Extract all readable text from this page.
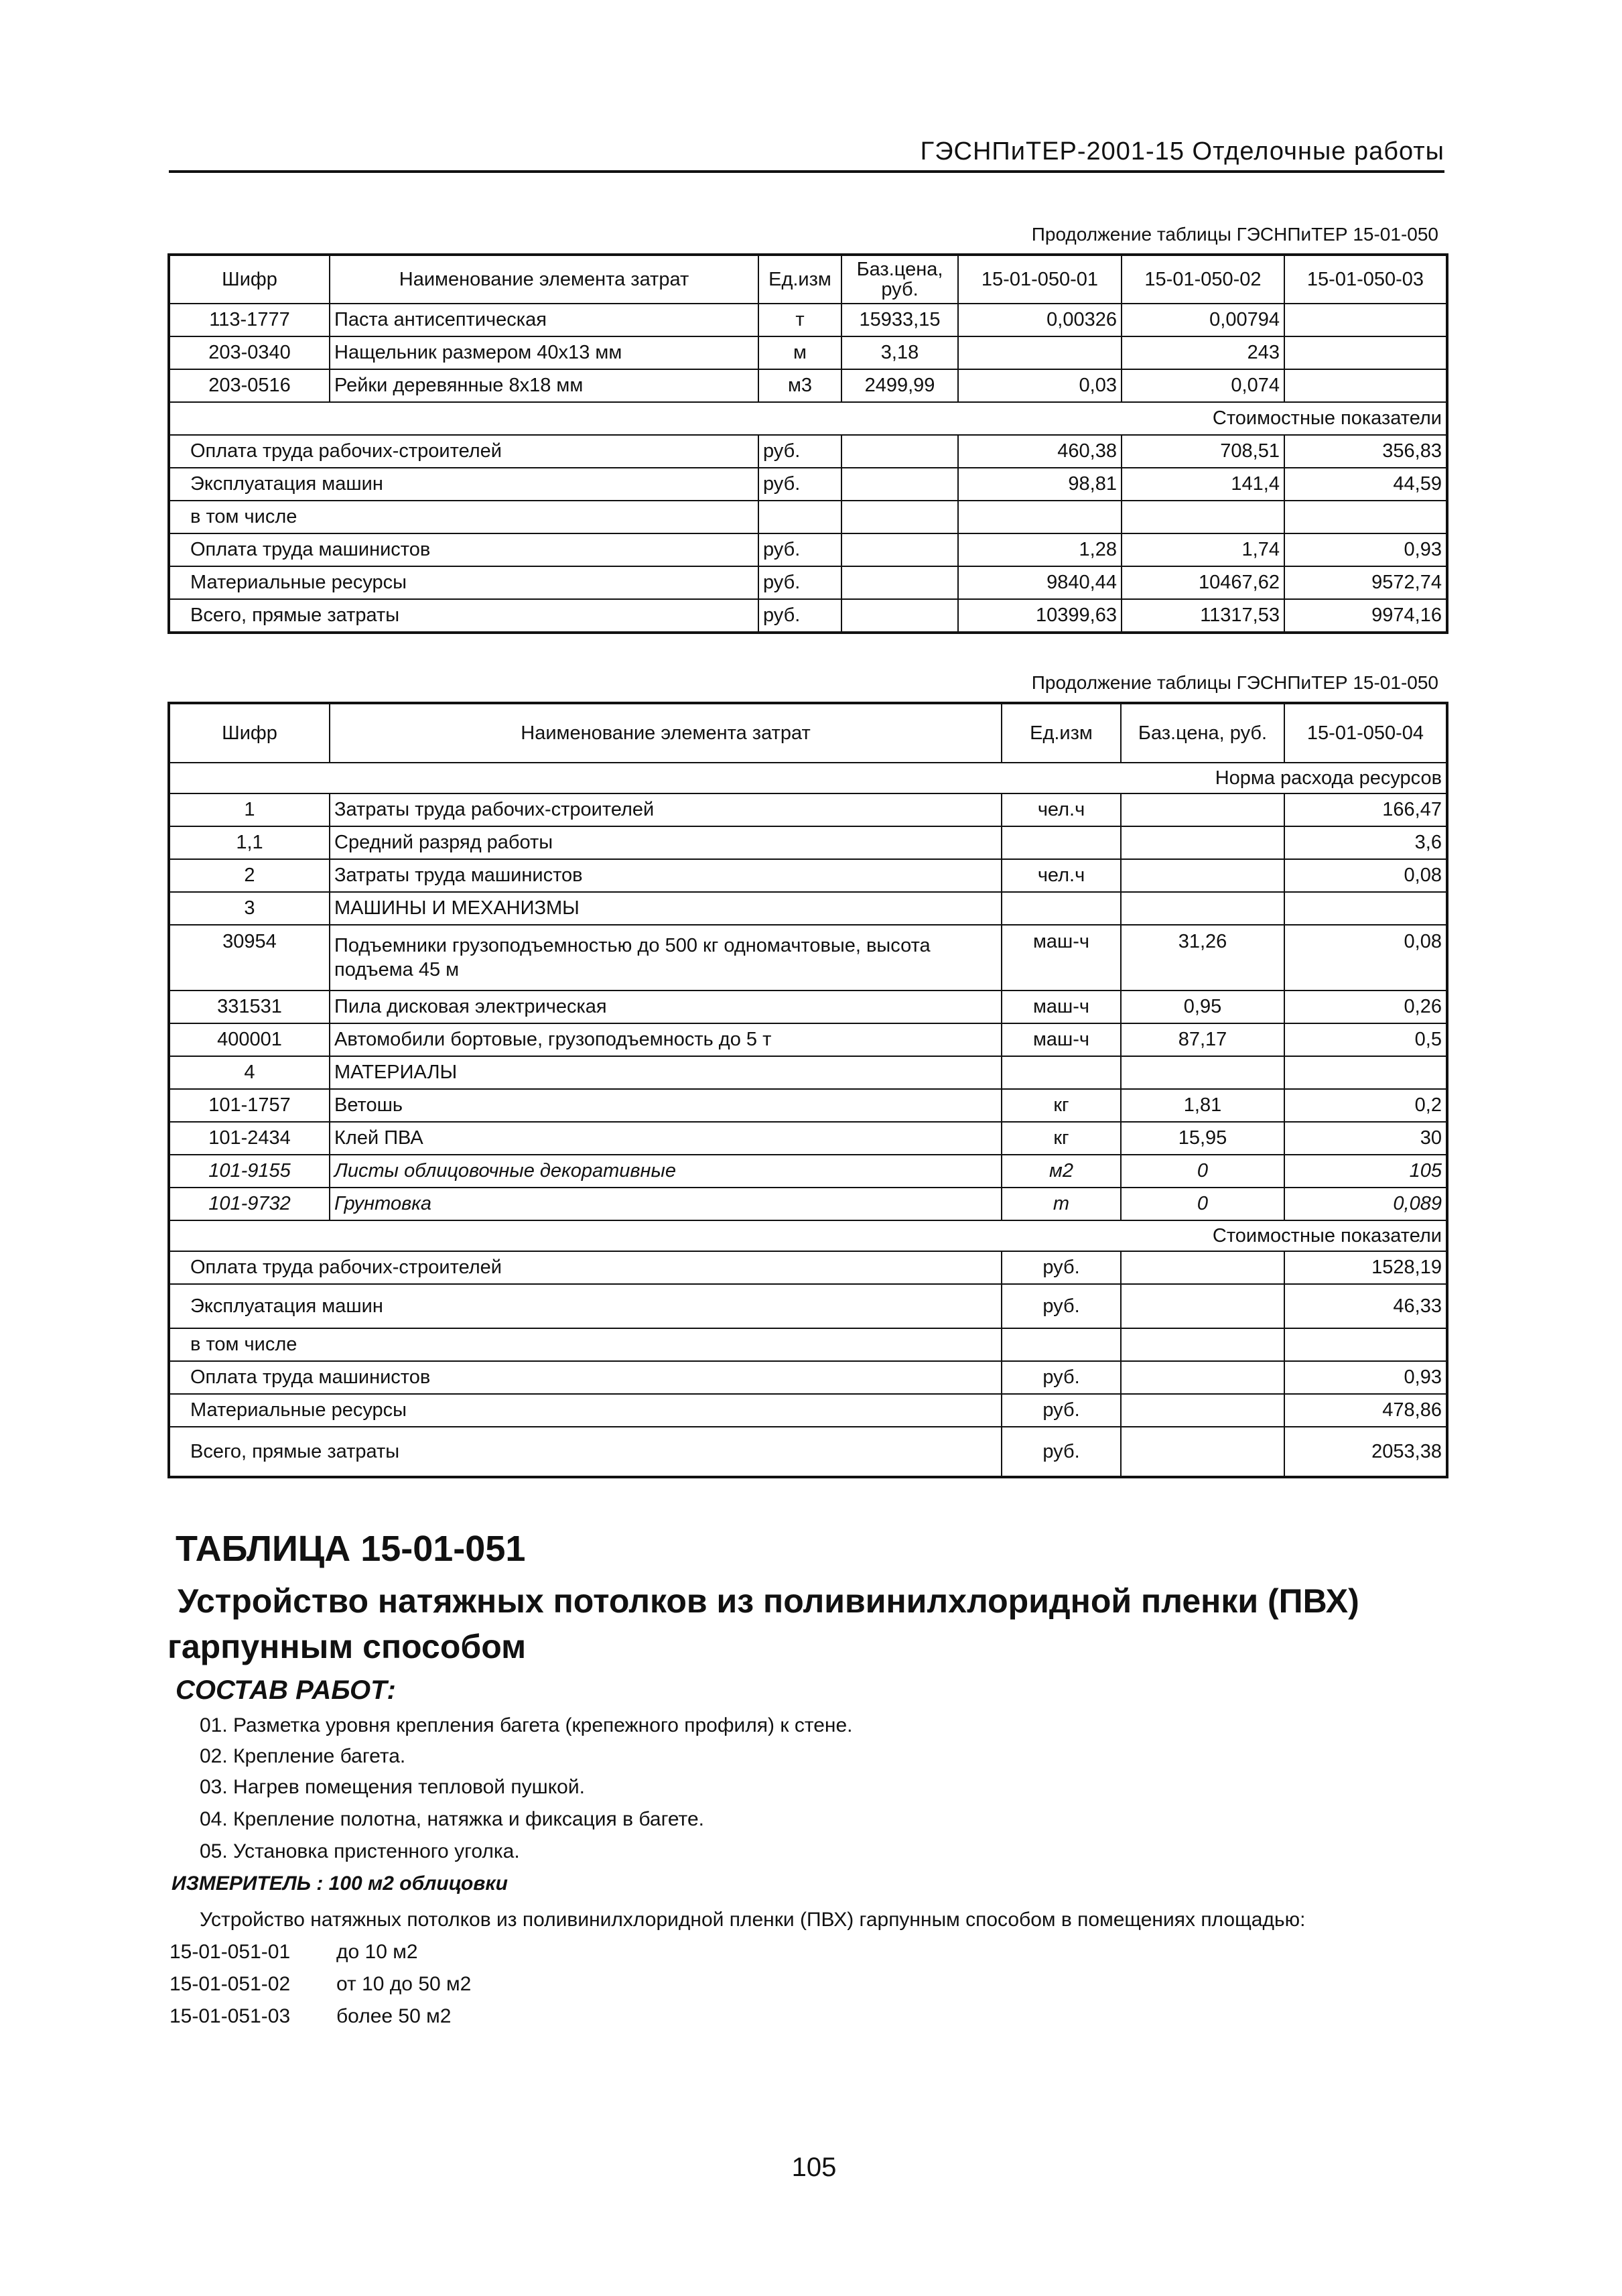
ГЭСНПиТЕР-2001-15 Отделочные работы
Продолжение таблицы ГЭСНПиТЕР 15-01-050
Шифр	Наименование элемента затрат	Ед.изм	Баз.цена, руб.	15-01-050-01	15-01-050-02	15-01-050-03
113-1777	Паста антисептическая	т	15933,15	0,00326	0,00794	
203-0340	Нащельник размером 40х13 мм	м	3,18		243	
203-0516	Рейки деревянные 8х18 мм	м3	2499,99	0,03	0,074	
Стоимостные показатели						
Оплата труда рабочих-строителей		руб.		460,38	708,51	356,83
Эксплуатация машин		руб.		98,81	141,4	44,59
в том числе						
Оплата труда машинистов		руб.		1,28	1,74	0,93
Материальные ресурсы		руб.		9840,44	10467,62	9572,74
Всего, прямые затраты		руб.		10399,63	11317,53	9974,16
Продолжение таблицы ГЭСНПиТЕР 15-01-050
Шифр	Наименование элемента затрат	Ед.изм	Баз.цена, руб.	15-01-050-04
Норма расхода ресурсов				
1	Затраты труда рабочих-строителей	чел.ч		166,47
1,1	Средний разряд работы			3,6
2	Затраты труда машинистов	чел.ч		0,08
3	МАШИНЫ И МЕХАНИЗМЫ			
30954	Подъемники грузоподъемностью до 500 кг одномачтовые, высота подъема 45 м	маш-ч	31,26	0,08
331531	Пила дисковая электрическая	маш-ч	0,95	0,26
400001	Автомобили бортовые, грузоподъемность до 5 т	маш-ч	87,17	0,5
4	МАТЕРИАЛЫ			
101-1757	Ветошь	кг	1,81	0,2
101-2434	Клей ПВА	кг	15,95	30
101-9155	Листы облицовочные декоративные	м2	0	105
101-9732	Грунтовка	т	0	0,089
Стоимостные показатели				
Оплата труда рабочих-строителей		руб.		1528,19
Эксплуатация машин		руб.		46,33
в том числе				
Оплата труда машинистов		руб.		0,93
Материальные ресурсы		руб.		478,86
Всего, прямые затраты		руб.		2053,38
ТАБЛИЦА 15-01-051
Устройство натяжных потолков из поливинилхлоридной пленки (ПВХ)
гарпунным способом
СОСТАВ РАБОТ:
01. Разметка уровня крепления багета (крепежного профиля) к стене.
02. Крепление багета.
03. Нагрев помещения тепловой пушкой.
04. Крепление полотна, натяжка и фиксация в багете.
05. Установка пристенного уголка.
ИЗМЕРИТЕЛЬ : 100 м2 облицовки
Устройство натяжных потолков из поливинилхлоридной пленки (ПВХ) гарпунным способом в помещениях площадью:
15-01-051-01 до 10 м2
15-01-051-02 от 10 до 50 м2
15-01-051-03 более 50 м2
105
